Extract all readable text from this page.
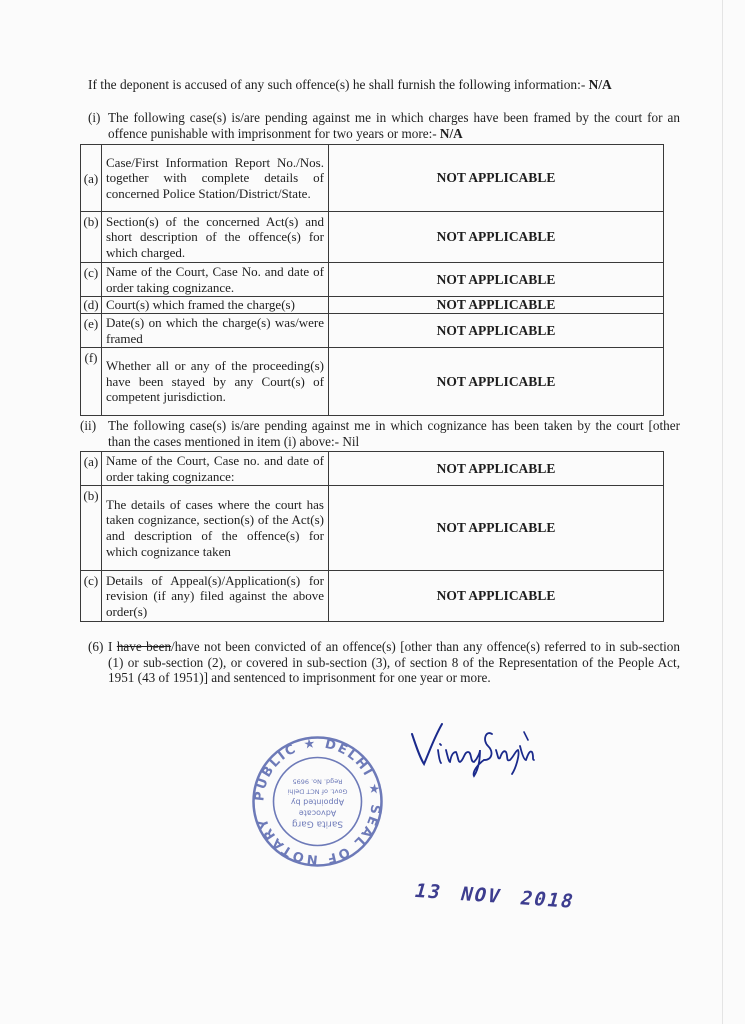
If the deponent is accused of any such offence(s) he shall furnish the following information:- N/A
(i) The following case(s) is/are pending against me in which charges have been framed by the court for an offence punishable with imprisonment for two years or more:- N/A
(a)	Case/First Information Report No./Nos. together with complete details of concerned Police Station/District/State.	NOT APPLICABLE
(b)	Section(s) of the concerned Act(s) and short description of the offence(s) for which charged.	NOT APPLICABLE
(c)	Name of the Court, Case No. and date of order taking cognizance.	NOT APPLICABLE
(d)	Court(s) which framed the charge(s)	NOT APPLICABLE
(e)	Date(s) on which the charge(s) was/were framed	NOT APPLICABLE
(f)	Whether all or any of the proceeding(s) have been stayed by any Court(s) of competent jurisdiction.	NOT APPLICABLE
(ii) The following case(s) is/are pending against me in which cognizance has been taken by the court [other than the cases mentioned in item (i) above:- Nil
(a)	Name of the Court, Case no. and date of order taking cognizance:	NOT APPLICABLE
(b)	The details of cases where the court has taken cognizance, section(s) of the Act(s) and description of the offence(s) for which cognizance taken	NOT APPLICABLE
(c)	Details of Appeal(s)/Application(s) for revision (if any) filed against the above order(s)	NOT APPLICABLE
(6) I have been/have not been convicted of an offence(s) [other than any offence(s) referred to in sub-section (1) or sub-section (2), or covered in sub-section (3), of section 8 of the Representation of the People Act, 1951 (43 of 1951)] and sentenced to imprisonment for one year or more.
PUBLIC ★ DELHI ★ SEAL OF NOTARY	Sarita Garg
Advocate
Appointed by
Govt. of NCT Delhi
Regd. No. 9695
13 NOV 2018
